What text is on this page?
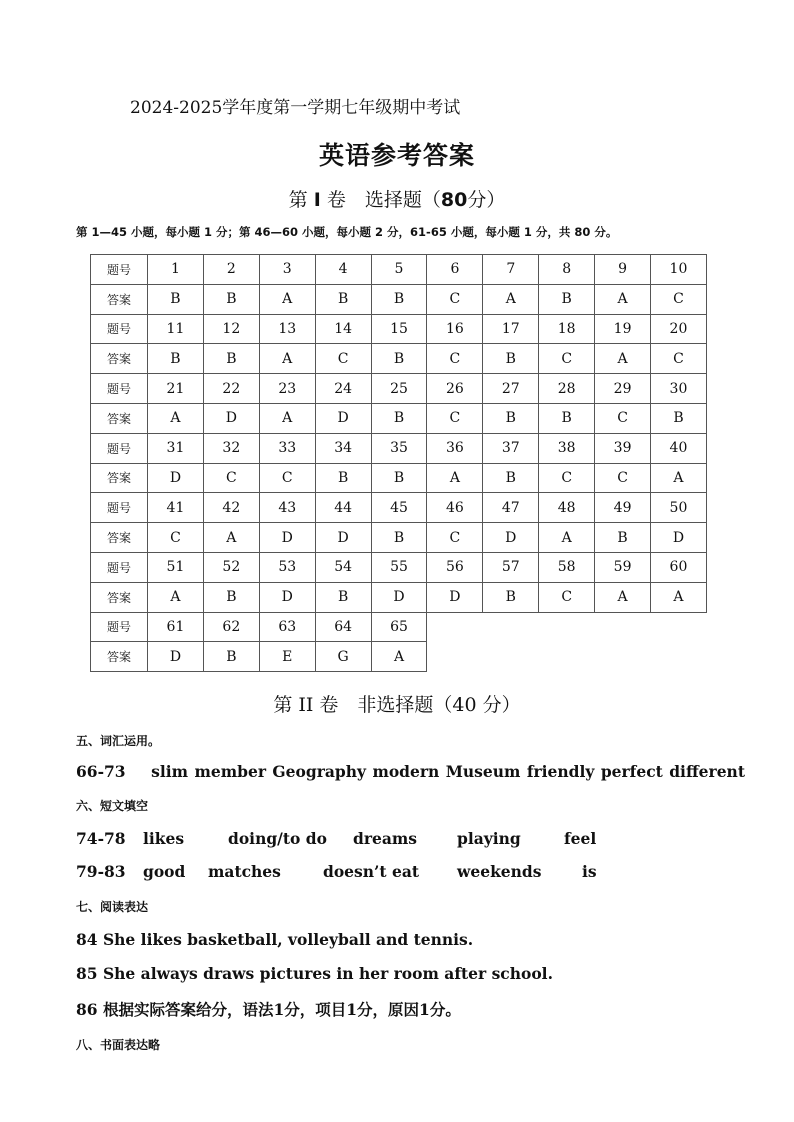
2024-2025学年度第一学期七年级期中考试
英语参考答案
第 I 卷　选择题（80分）
第 1—45 小题，每小题 1 分；第 46—60 小题，每小题 2 分，61-65 小题，每小题 1 分，共 80 分。
题号	1	2	3	4	5	6	7	8	9	10
答案	B	B	A	B	B	C	A	B	A	C
题号	11	12	13	14	15	16	17	18	19	20
答案	B	B	A	C	B	C	B	C	A	C
题号	21	22	23	24	25	26	27	28	29	30
答案	A	D	A	D	B	C	B	B	C	B
题号	31	32	33	34	35	36	37	38	39	40
答案	D	C	C	B	B	A	B	C	C	A
题号	41	42	43	44	45	46	47	48	49	50
答案	C	A	D	D	B	C	D	A	B	D
题号	51	52	53	54	55	56	57	58	59	60
答案	A	B	D	B	D	D	B	C	A	A
题号	61	62	63	64	65					
答案	D	B	E	G	A					
第 II 卷　非选择题（40 分）
五、词汇运用。
66-73 slim member Geography modern Museum friendly perfect different
六、短文填空
74-78 likes	doing/to do dreams	playing	feel
79-83 good matches	doesn’t eat weekends	is
七、阅读表达
84 She likes basketball, volleyball and tennis.
85 She always draws pictures in her room after school.
86 根据实际答案给分，语法1分，项目1分，原因1分。
八、书面表达略
